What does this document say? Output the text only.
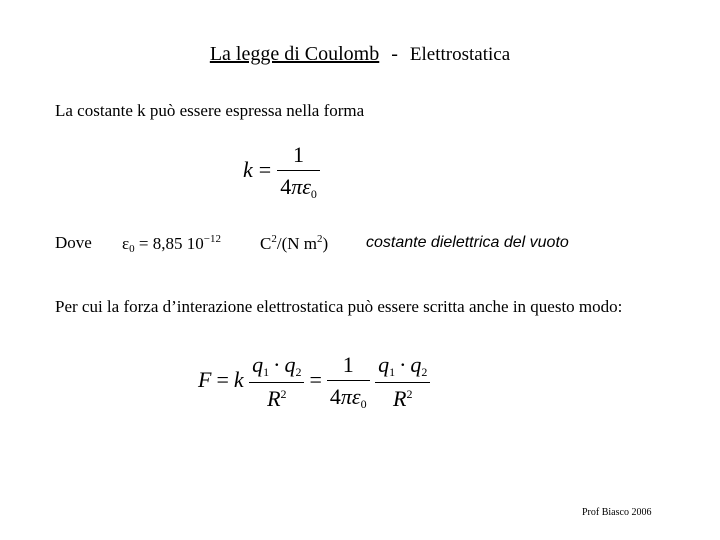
La legge di Coulomb - Elettrostatica
La costante k può essere espressa nella forma
$k = \frac{1}{4\pi\varepsilon 0}$
Dove ε0 = 8,85 $10^{-12}$ $C^2/(N$ $m^2$) costante dielettrica del vuoto
Per cui la forza d’interazione elettrostatica può essere scritta anche in questo modo:
F = k $\frac{q1 \cdot q2}{R^2} = \frac{1}{4\pi\varepsilon 0}$
$\frac{q1 \cdot q2}{R^2}$
Prof Biasco 2006
